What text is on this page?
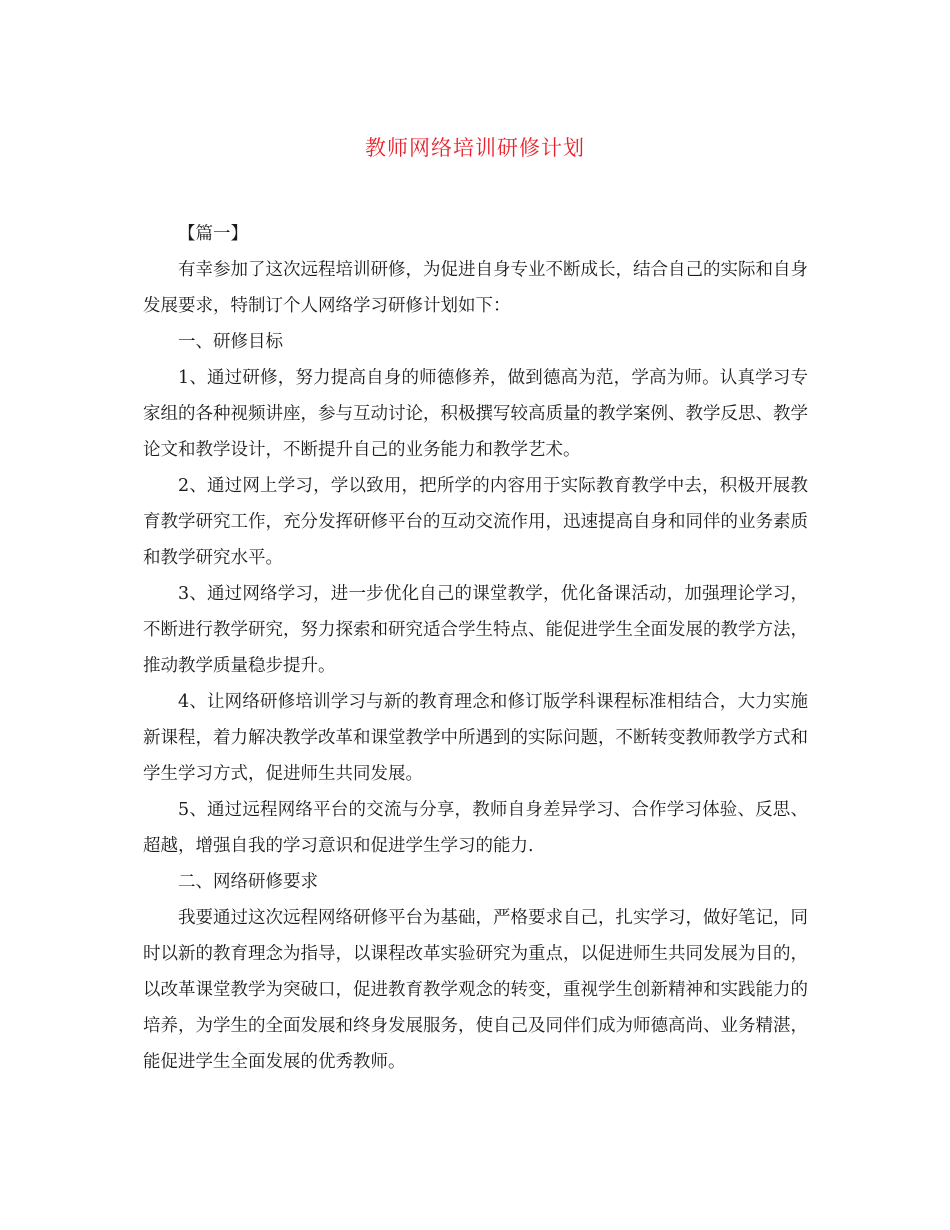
教师网络培训研修计划

【篇一】

有幸参加了这次远程培训研修，为促进自身专业不断成长，结合自己的实际和自身发展要求，特制订个人网络学习研修计划如下：

一、研修目标

1、通过研修，努力提高自身的师德修养，做到德高为范，学高为师。认真学习专家组的各种视频讲座，参与互动讨论，积极撰写较高质量的教学案例、教学反思、教学论文和教学设计，不断提升自己的业务能力和教学艺术。

2、通过网上学习，学以致用，把所学的内容用于实际教育教学中去，积极开展教育教学研究工作，充分发挥研修平台的互动交流作用，迅速提高自身和同伴的业务素质和教学研究水平。

3、通过网络学习，进一步优化自己的课堂教学，优化备课活动，加强理论学习，不断进行教学研究，努力探索和研究适合学生特点、能促进学生全面发展的教学方法，推动教学质量稳步提升。

4、让网络研修培训学习与新的教育理念和修订版学科课程标准相结合，大力实施新课程，着力解决教学改革和课堂教学中所遇到的实际问题，不断转变教师教学方式和学生学习方式，促进师生共同发展。

5、通过远程网络平台的交流与分享，教师自身差异学习、合作学习体验、反思、超越，增强自我的学习意识和促进学生学习的能力.

二、网络研修要求

我要通过这次远程网络研修平台为基础，严格要求自己，扎实学习，做好笔记，同时以新的教育理念为指导，以课程改革实验研究为重点，以促进师生共同发展为目的，以改革课堂教学为突破口，促进教育教学观念的转变，重视学生创新精神和实践能力的培养，为学生的全面发展和终身发展服务，使自己及同伴们成为师德高尚、业务精湛，能促进学生全面发展的优秀教师。
